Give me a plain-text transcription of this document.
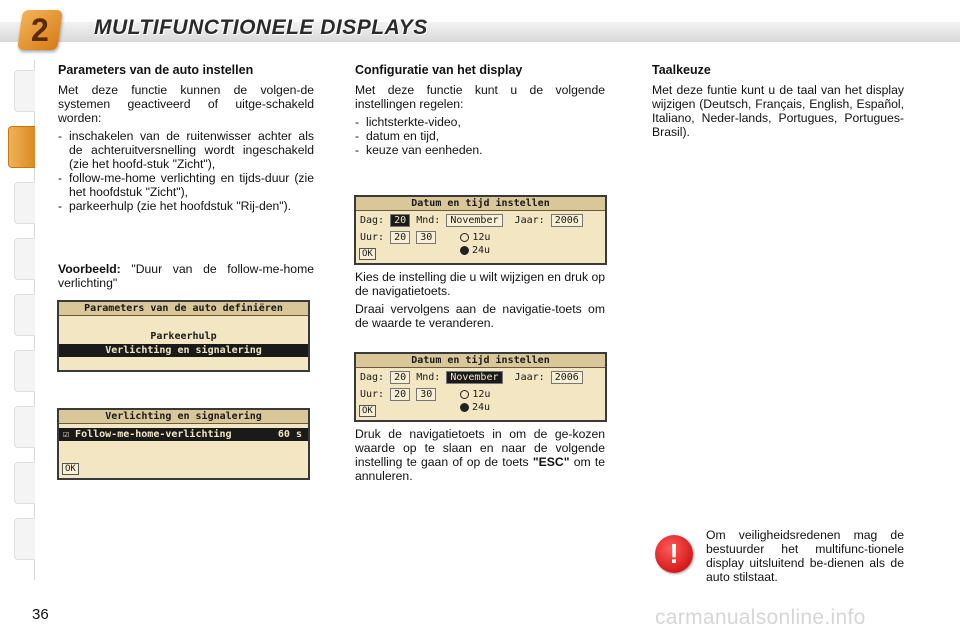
2	MULTIFUNCTIONELE DISPLAYS
Parameters van de auto instellen

Met deze functie kunnen de volgen-de systemen geactiveerd of uitge-schakeld worden:

- inschakelen van de ruitenwisser achter als de achteruitversnelling wordt ingeschakeld (zie het hoofd-stuk "Zicht"),

- follow-me-home verlichting en tijds-duur (zie het hoofdstuk "Zicht"),

- parkeerhulp (zie het hoofdstuk "Rij-den").

Voorbeeld: "Duur van de follow-me-home verlichting"

Parameters van de auto definiëren
Parkeerhulp
Verlichting en signalering
Verlichting en signalering
☑ Follow-me-home-verlichting	60 s
OK
Configuratie van het display

Met deze functie kunt u de volgende instellingen regelen:

- lichtsterkte-video,

- datum en tijd,

- keuze van eenheden.

Datum en tijd instellen
Dag: 20 Mnd: November Jaar: 2006
Uur: 20 30	12u
24u
OK

Kies de instelling die u wilt wijzigen en druk op de navigatietoets.

Draai vervolgens aan de navigatie-toets om de waarde te veranderen.

Datum en tijd instellen
Dag: 20 Mnd: November Jaar: 2006
Uur: 20 30	12u
24u
OK

Druk de navigatietoets in om de ge-kozen waarde op te slaan en naar de volgende instelling te gaan of op de toets "ESC" om te annuleren.

Taalkeuze

Met deze funtie kunt u de taal van het display wijzigen (Deutsch, Français, English, Español, Italiano, Neder-lands, Portugues, Portugues-Brasil).

!

Om veiligheidsredenen mag de bestuurder het multifunc-tionele display uitsluitend be-dienen als de auto stilstaat.

36	carmanualsonline.info
